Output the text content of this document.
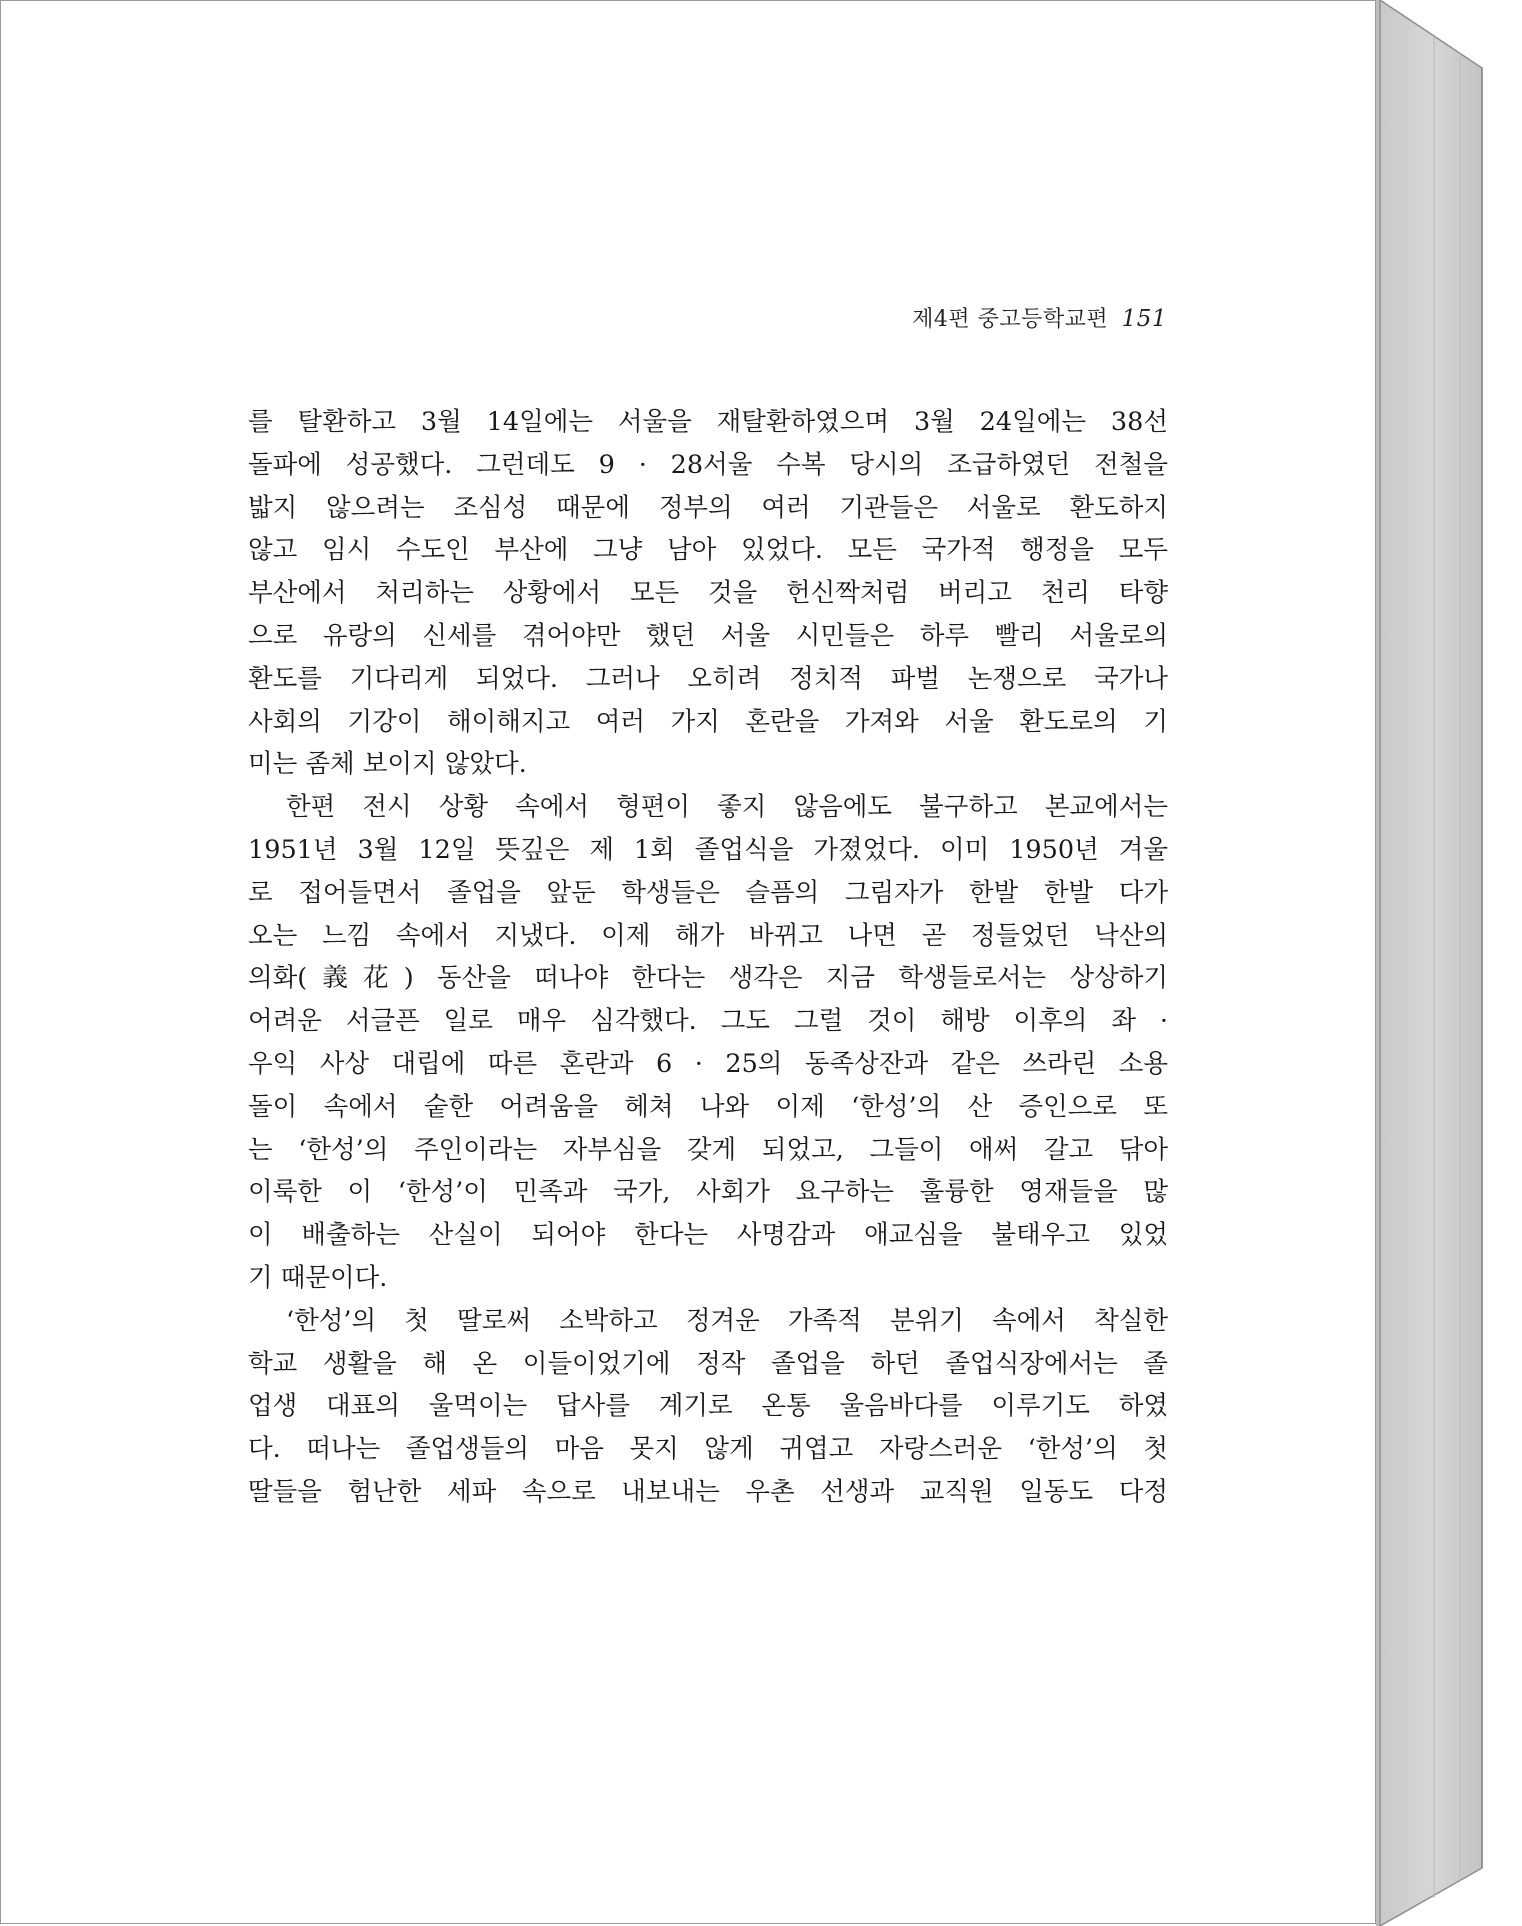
제4편 중고등학교편 151
를 탈환하고 3월 14일에는 서울을 재탈환하였으며 3월 24일에는 38선
돌파에 성공했다. 그런데도 9 · 28서울 수복 당시의 조급하였던 전철을
밟지 않으려는 조심성 때문에 정부의 여러 기관들은 서울로 환도하지
않고 임시 수도인 부산에 그냥 남아 있었다. 모든 국가적 행정을 모두
부산에서 처리하는 상황에서 모든 것을 헌신짝처럼 버리고 천리 타향
으로 유랑의 신세를 겪어야만 했던 서울 시민들은 하루 빨리 서울로의
환도를 기다리게 되었다. 그러나 오히려 정치적 파벌 논쟁으로 국가나
사회의 기강이 해이해지고 여러 가지 혼란을 가져와 서울 환도로의 기
미는 좀체 보이지 않았다.
한편 전시 상황 속에서 형편이 좋지 않음에도 불구하고 본교에서는
1951년 3월 12일 뜻깊은 제 1회 졸업식을 가졌었다. 이미 1950년 겨울
로 접어들면서 졸업을 앞둔 학생들은 슬픔의 그림자가 한발 한발 다가
오는 느낌 속에서 지냈다. 이제 해가 바뀌고 나면 곧 정들었던 낙산의
의화(義花) 동산을 떠나야 한다는 생각은 지금 학생들로서는 상상하기
어려운 서글픈 일로 매우 심각했다. 그도 그럴 것이 해방 이후의 좌 ·
우익 사상 대립에 따른 혼란과 6 · 25의 동족상잔과 같은 쓰라린 소용
돌이 속에서 숱한 어려움을 헤쳐 나와 이제 ‘한성’의 산 증인으로 또
는 ‘한성’의 주인이라는 자부심을 갖게 되었고, 그들이 애써 갈고 닦아
이룩한 이 ‘한성’이 민족과 국가, 사회가 요구하는 훌륭한 영재들을 많
이 배출하는 산실이 되어야 한다는 사명감과 애교심을 불태우고 있었
기 때문이다.
‘한성’의 첫 딸로써 소박하고 정겨운 가족적 분위기 속에서 착실한
학교 생활을 해 온 이들이었기에 정작 졸업을 하던 졸업식장에서는 졸
업생 대표의 울먹이는 답사를 계기로 온통 울음바다를 이루기도 하였
다. 떠나는 졸업생들의 마음 못지 않게 귀엽고 자랑스러운 ‘한성’의 첫
딸들을 험난한 세파 속으로 내보내는 우촌 선생과 교직원 일동도 다정
